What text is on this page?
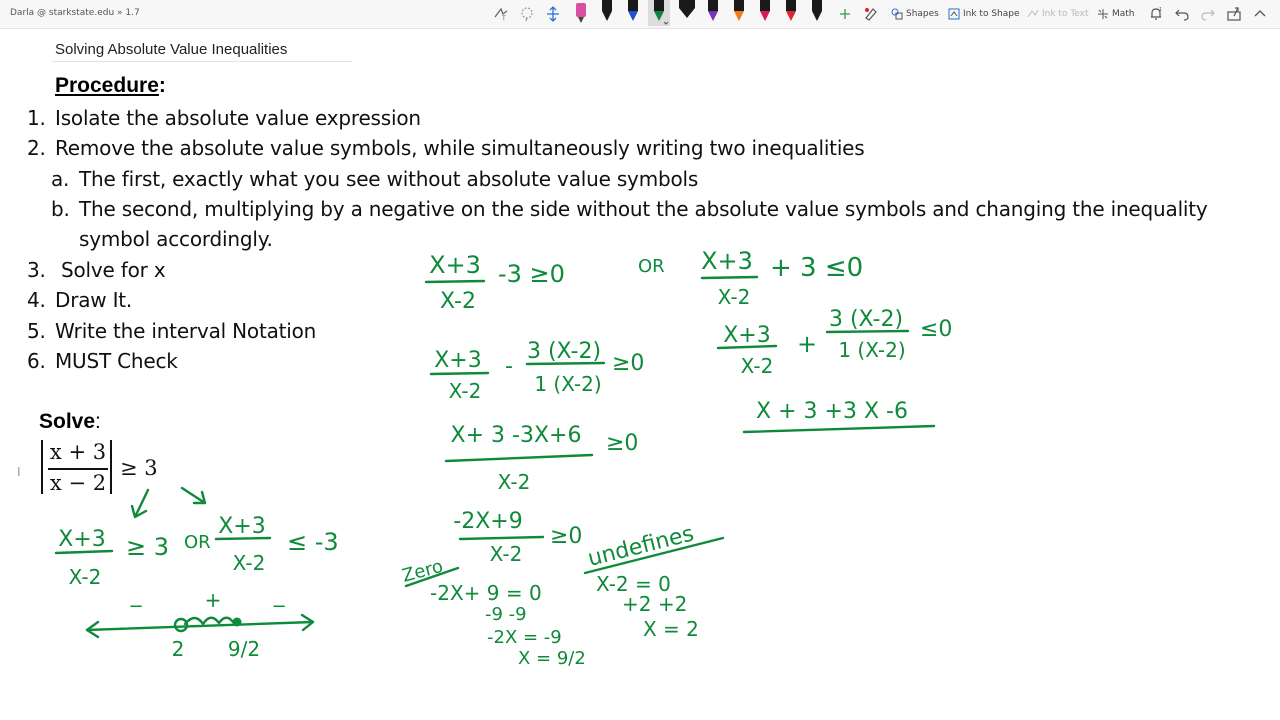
Darla @ starkstate.edu » 1.7
T	Shapes	Ink to Shape Ink to Text	Math	1
Solving Absolute Value Inequalities
Procedure:
1. Isolate the absolute value expression
2. Remove the absolute value symbols, while simultaneously writing two inequalities
a. The first, exactly what you see without absolute value symbols
b. The second, multiplying by a negative on the side without the absolute value symbols and changing the inequality
symbol accordingly.
3. Solve for x
4. Draw It.
5. Write the interval Notation
6. MUST Check
Solve:
I
x + 3
x − 2
≥ 3
X+3
X-2
≥ 3 OR
X+3
X-2
≤ -3
−	+	−
2 9/2
X+3
X-2
-3 ≥0
X+3
X-2
-
3 (X-2)
1 (X-2)
≥0
X+ 3 -3X+6 ≥0
X-2
-2X+9
X-2
≥0
Zero
-2X+ 9 = 0
-9 -9
-2X = -9
X = 9/2
undefines
X-2 = 0
+2 +2
X = 2
OR X+3
X-2
+ 3 ≤0
X+3
X-2
+
3 (X-2)
1 (X-2)
≤0
X + 3 +3 X -6
